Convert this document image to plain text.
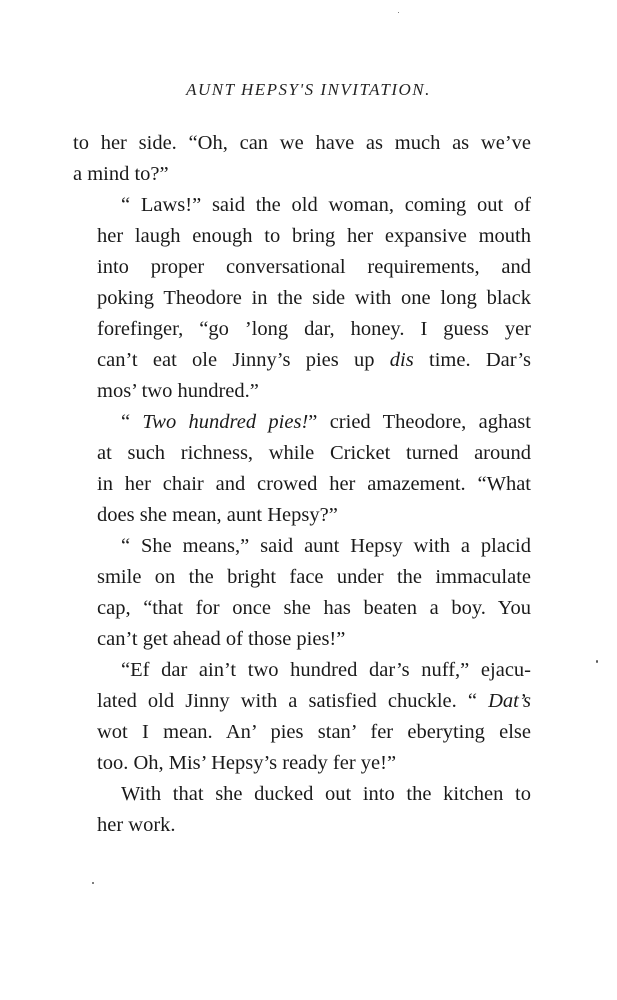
AUNT HEPSY'S INVITATION.

to her side. “Oh, can we have as much as we’ve
a mind to?”

“ Laws!” said the old woman, coming out of
her laugh enough to bring her expansive mouth
into proper conversational requirements, and
poking Theodore in the side with one long black
forefinger, “go ’long dar, honey. I guess yer
can’t eat ole Jinny’s pies up dis time. Dar’s
mos’ two hundred.”

“ Two hundred pies!” cried Theodore, aghast
at such richness, while Cricket turned around
in her chair and crowed her amazement. “What
does she mean, aunt Hepsy?”

“ She means,” said aunt Hepsy with a placid
smile on the bright face under the immaculate
cap, “that for once she has beaten a boy. You
can’t get ahead of those pies!”

“Ef dar ain’t two hundred dar’s nuff,” ejacu-
lated old Jinny with a satisfied chuckle. “ Dat’s
wot I mean. An’ pies stan’ fer eberyting else
too. Oh, Mis’ Hepsy’s ready fer ye!”

With that she ducked out into the kitchen to
her work.
